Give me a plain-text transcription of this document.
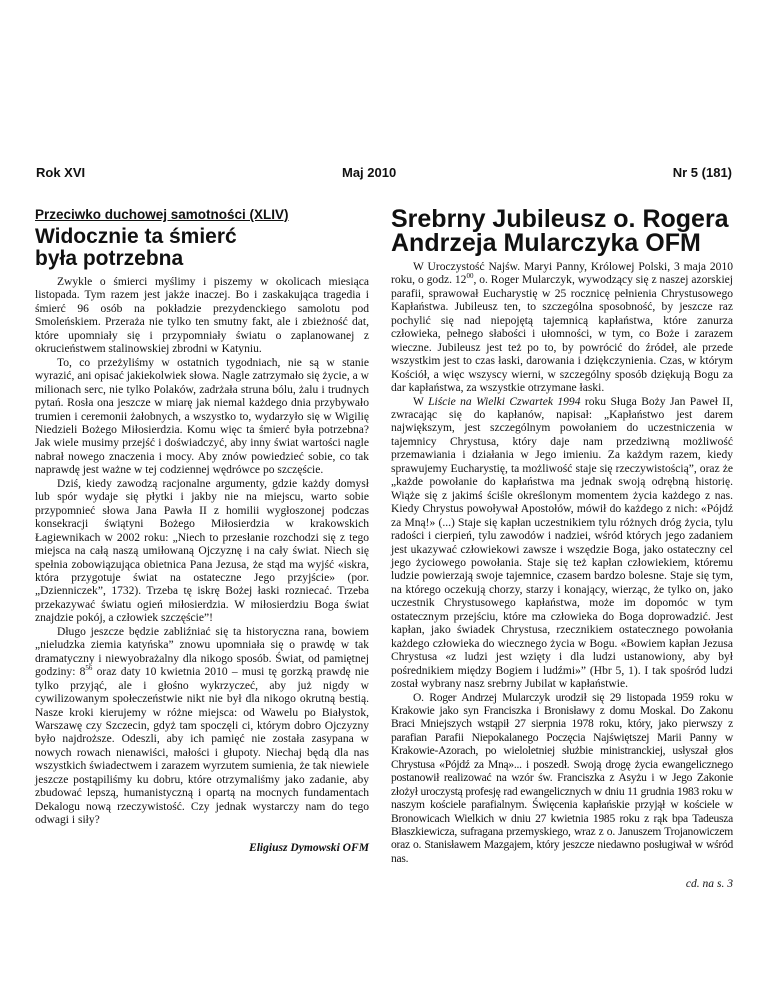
Rok XVI	Maj 2010	Nr 5 (181)
Przeciwko duchowej samotności (XLIV)
Widocznie ta śmierć
była potrzebna

Zwykle o śmierci myślimy i piszemy w okolicach miesiąca listopada. Tym razem jest jakże inaczej. Bo i zaskakująca tragedia i śmierć 96 osób na pokładzie prezydenckiego samolotu pod Smoleńskiem. Przeraża nie tylko ten smutny fakt, ale i zbieżność dat, które upomniały się i przypomniały światu o zaplanowanej z okrucieństwem stalinowskiej zbrodni w Katyniu.

To, co przeżyliśmy w ostatnich tygodniach, nie są w stanie wyrazić, ani opisać jakiekolwiek słowa. Nagle zatrzymało się życie, a w milionach serc, nie tylko Polaków, zadrżała struna bólu, żalu i trudnych pytań. Rosła ona jeszcze w miarę jak niemal każdego dnia przybywało trumien i ceremonii żałobnych, a wszystko to, wydarzyło się w Wigilię Niedzieli Bożego Miłosierdzia. Komu więc ta śmierć była potrzebna? Jak wiele musimy przejść i doświadczyć, aby inny świat wartości nagle nabrał nowego znaczenia i mocy. Aby znów powiedzieć sobie, co tak naprawdę jest ważne w tej codziennej wędrówce po szczęście.

Dziś, kiedy zawodzą racjonalne argumenty, gdzie każdy domysł lub spór wydaje się płytki i jakby nie na miejscu, warto sobie przypomnieć słowa Jana Pawła II z homilii wygłoszonej podczas konsekracji świątyni Bożego Miłosierdzia w krakowskich Łagiewnikach w 2002 roku: „Niech to przesłanie rozchodzi się z tego miejsca na całą naszą umiłowaną Ojczyznę i na cały świat. Niech się spełnia zobowiązująca obietnica Pana Jezusa, że stąd ma wyjść «iskra, która przygotuje świat na ostateczne Jego przyjście» (por. „Dzienniczek”, 1732). Trzeba tę iskrę Bożej łaski rozniecać. Trzeba przekazywać światu ogień miłosierdzia. W miłosierdziu Boga świat znajdzie pokój, a człowiek szczęście”!

Długo jeszcze będzie zabliźniać się ta historyczna rana, bowiem „nieludzka ziemia katyńska” znowu upomniała się o prawdę w tak dramatyczny i niewyobrażalny dla nikogo sposób. Świat, od pamiętnej godziny: $8^{56}$ oraz daty 10 kwietnia 2010 – musi tę gorzką prawdę nie tylko przyjąć, ale i głośno wykrzyczeć, aby już nigdy w cywilizowanym społeczeństwie nikt nie był dla nikogo okrutną bestią. Nasze kroki kierujemy w różne miejsca: od Wawelu po Białystok, Warszawę czy Szczecin, gdyż tam spoczęli ci, którym dobro Ojczyzny było najdroższe. Odeszli, aby ich pamięć nie została zasypana w nowych rowach nienawiści, małości i głupoty. Niechaj będą dla nas wszystkich świadectwem i zarazem wyrzutem sumienia, że tak niewiele jeszcze postąpiliśmy ku dobru, które otrzymaliśmy jako zadanie, aby zbudować lepszą, humanistyczną i opartą na mocnych fundamentach Dekalogu nową rzeczywistość. Czy jednak wystarczy nam do tego odwagi i siły?

Eligiusz Dymowski OFM

Srebrny Jubileusz o. Rogera
Andrzeja Mularczyka OFM

W Uroczystość Najśw. Maryi Panny, Królowej Polski, 3 maja 2010 roku, o godz. $12^{00}$, o. Roger Mularczyk, wywodzący się z naszej azorskiej parafii, sprawował Eucharystię w 25 rocznicę pełnienia Chrystusowego Kapłaństwa. Jubileusz ten, to szczególna sposobność, by jeszcze raz pochylić się nad niepojętą tajemnicą kapłaństwa, które zanurza człowieka, pełnego słabości i ułomności, w tym, co Boże i zarazem wieczne. Jubileusz jest też po to, by powrócić do źródeł, ale przede wszystkim jest to czas łaski, darowania i dziękczynienia. Czas, w którym Kościół, a więc wszyscy wierni, w szczególny sposób dziękują Bogu za dar kapłaństwa, za wszystkie otrzymane łaski.

W Liście na Wielki Czwartek 1994 roku Sługa Boży Jan Paweł II, zwracając się do kapłanów, napisał: „Kapłaństwo jest darem największym, jest szczególnym powołaniem do uczestniczenia w tajemnicy Chrystusa, który daje nam przedziwną możliwość przemawiania i działania w Jego imieniu. Za każdym razem, kiedy sprawujemy Eucharystię, ta możliwość staje się rzeczywistością”, oraz że „każde powołanie do kapłaństwa ma jednak swoją odrębną historię. Wiąże się z jakimś ściśle określonym momentem życia każdego z nas. Kiedy Chrystus powoływał Apostołów, mówił do każdego z nich: «Pójdź za Mną!» (...) Staje się kapłan uczestnikiem tylu różnych dróg życia, tylu radości i cierpień, tylu zawodów i nadziei, wśród których jego zadaniem jest ukazywać człowiekowi zawsze i wszędzie Boga, jako ostateczny cel jego życiowego powołania. Staje się też kapłan człowiekiem, któremu ludzie powierzają swoje tajemnice, czasem bardzo bolesne. Staje się tym, na którego oczekują chorzy, starzy i konający, wierząc, że tylko on, jako uczestnik Chrystusowego kapłaństwa, może im dopomóc w tym ostatecznym przejściu, które ma człowieka do Boga doprowadzić. Jest kapłan, jako świadek Chrystusa, rzecznikiem ostatecznego powołania każdego człowieka do wiecznego życia w Bogu. «Bowiem kapłan Jezusa Chrystusa «z ludzi jest wzięty i dla ludzi ustanowiony, aby był pośrednikiem między Bogiem i ludźmi»” (Hbr 5, 1). I tak spośród ludzi został wybrany nasz srebrny Jubilat w kapłaństwie.

O. Roger Andrzej Mularczyk urodził się 29 listopada 1959 roku w Krakowie jako syn Franciszka i Bronisławy z domu Moskal. Do Zakonu Braci Mniejszych wstąpił 27 sierpnia 1978 roku, który, jako pierwszy z parafian Parafii Niepokalanego Poczęcia Najświętszej Marii Panny w Krakowie-Azorach, po wieloletniej służbie ministranckiej, usłyszał głos Chrystusa «Pójdź za Mną»... i poszedł. Swoją drogę życia ewangelicznego postanowił realizować na wzór św. Franciszka z Asyżu i w Jego Zakonie złożył uroczystą profesję rad ewangelicznych w dniu 11 grudnia 1983 roku w naszym kościele parafialnym. Święcenia kapłańskie przyjął w kościele w Bronowicach Wielkich w dniu 27 kwietnia 1985 roku z rąk bpa Tadeusza Błaszkiewicza, sufragana przemyskiego, wraz z o. Januszem Trojanowiczem oraz o. Stanisławem Mazgajem, który jeszcze niedawno posługiwał w wśród nas.

cd. na s. 3
